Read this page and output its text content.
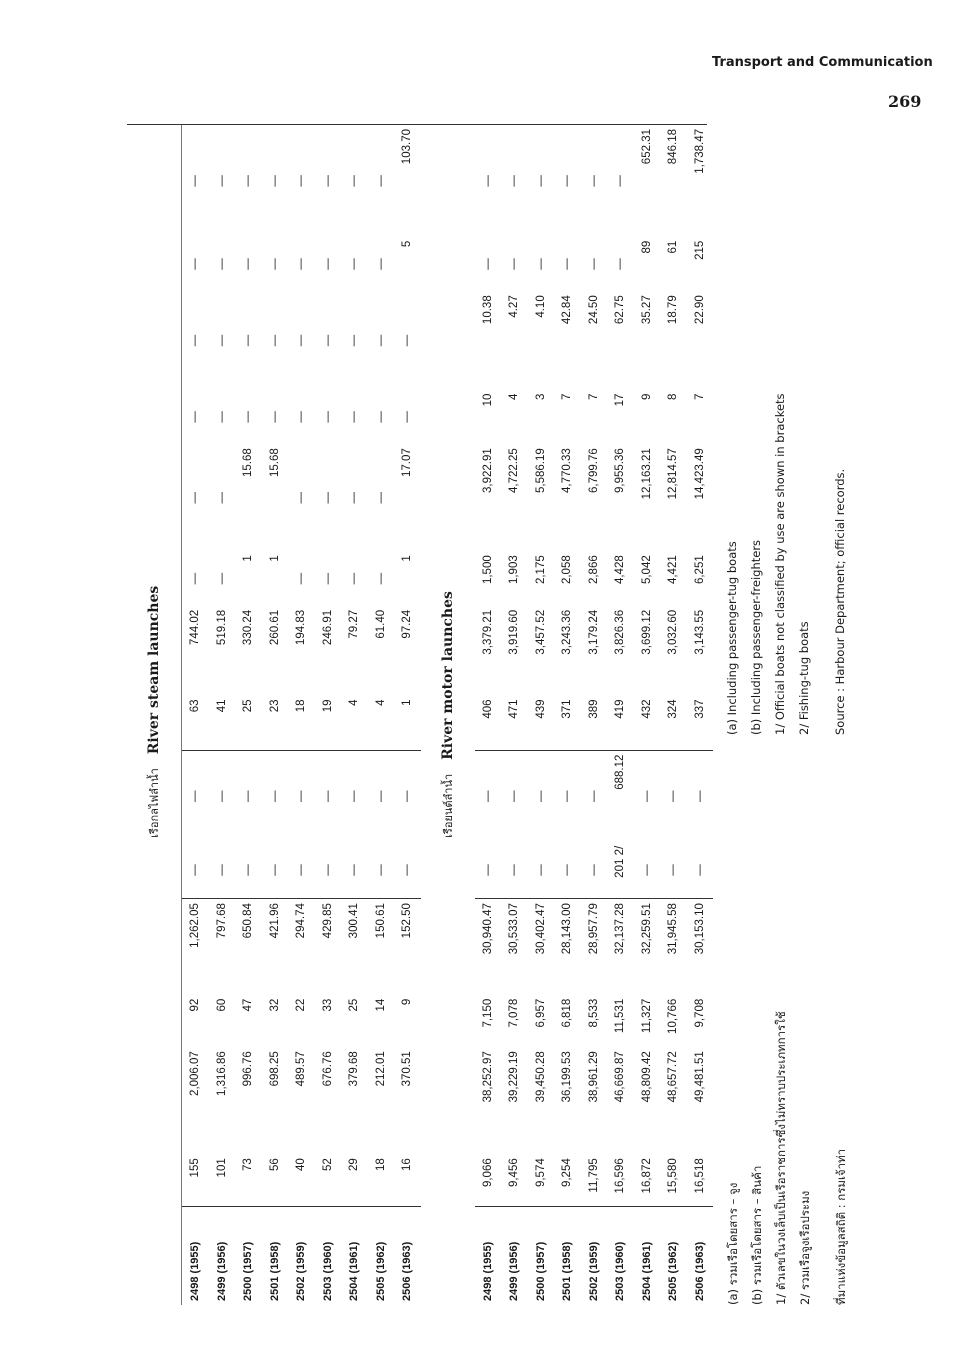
Transport and Communication
269
						เรือกลไฟลำน้ำRiver steam launches								
2498 (1955)	155	2,006.07	92	1,262.05	—	—	63	744.02	—	—	—	—	—	—
2499 (1956)	101	1,316.86	60	797.68	—	—	41	519.18	—	—	—	—	—	—
2500 (1957)	73	996.76	47	650.84	—	—	25	330.24	1	15.68	—	—	—	—
2501 (1958)	56	698.25	32	421.96	—	—	23	260.61	1	15.68	—	—	—	—
2502 (1959)	40	489.57	22	294.74	—	—	18	194.83	—	—	—	—	—	—
2503 (1960)	52	676.76	33	429.85	—	—	19	246.91	—	—	—	—	—	—
2504 (1961)	29	379.68	25	300.41	—	—	4	79.27	—	—	—	—	—	—
2505 (1962)	18	212.01	14	150.61	—	—	4	61.40	—	—	—	—	—	—
2506 (1963)	16	370.51	9	152.50	—	—	1	97.24	1	17.07	—	—	5	103.70
						เรือยนต์ลำน้ำRiver motor launches								
2498 (1955)	9,066	38,252.97	7,150	30,940.47	—	—	406	3,379.21	1,500	3,922.91	10	10.38	—	—
2499 (1956)	9,456	39,229.19	7,078	30,533.07	—	—	471	3,919.60	1,903	4,722.25	4	4.27	—	—
2500 (1957)	9,574	39,450.28	6,957	30,402.47	—	—	439	3,457.52	2,175	5,586.19	3	4.10	—	—
2501 (1958)	9,254	36,199.53	6,818	28,143.00	—	—	371	3,243.36	2,058	4,770.33	7	42.84	—	—
2502 (1959)	11,795	38,961.29	8,533	28,957.79	—	—	389	3,179.24	2,866	6,799.76	7	24.50	—	—
2503 (1960)	16,596	46,669.87	11,531	32,137.28	201 2/	688.12	419	3,826.36	4,428	9,955.36	17	62.75	—	—
2504 (1961)	16,872	48,809.42	11,327	32,259.51	—	—	432	3,699.12	5,042	12,163.21	9	35.27	89	652.31
2505 (1962)	15,580	48,657.72	10,766	31,945.58	—	—	324	3,032.60	4,421	12,814.57	8	18.79	61	846.18
2506 (1963)	16,518	49,481.51	9,708	30,153.10	—	—	337	3,143.55	6,251	14,423.49	7	22.90	215	1,738.47
(a) รวมเรือโดยสาร – จูง (b) รวมเรือโดยสาร – สินค้า 1/ ตัวเลขในวงเล็บเป็นเรือราชการซึ่งไม่ทราบประเภทการใช้ 2/ รวมเรือจูงเรือประมง ที่มาแห่งข้อมูลสถิติ : กรมเจ้าท่า
(a) Including passenger-tug boats (b) Including passenger-freighters 1/ Official boats not classified by use are shown in brackets 2/ Fishing-tug boats Source : Harbour Department; official records.
